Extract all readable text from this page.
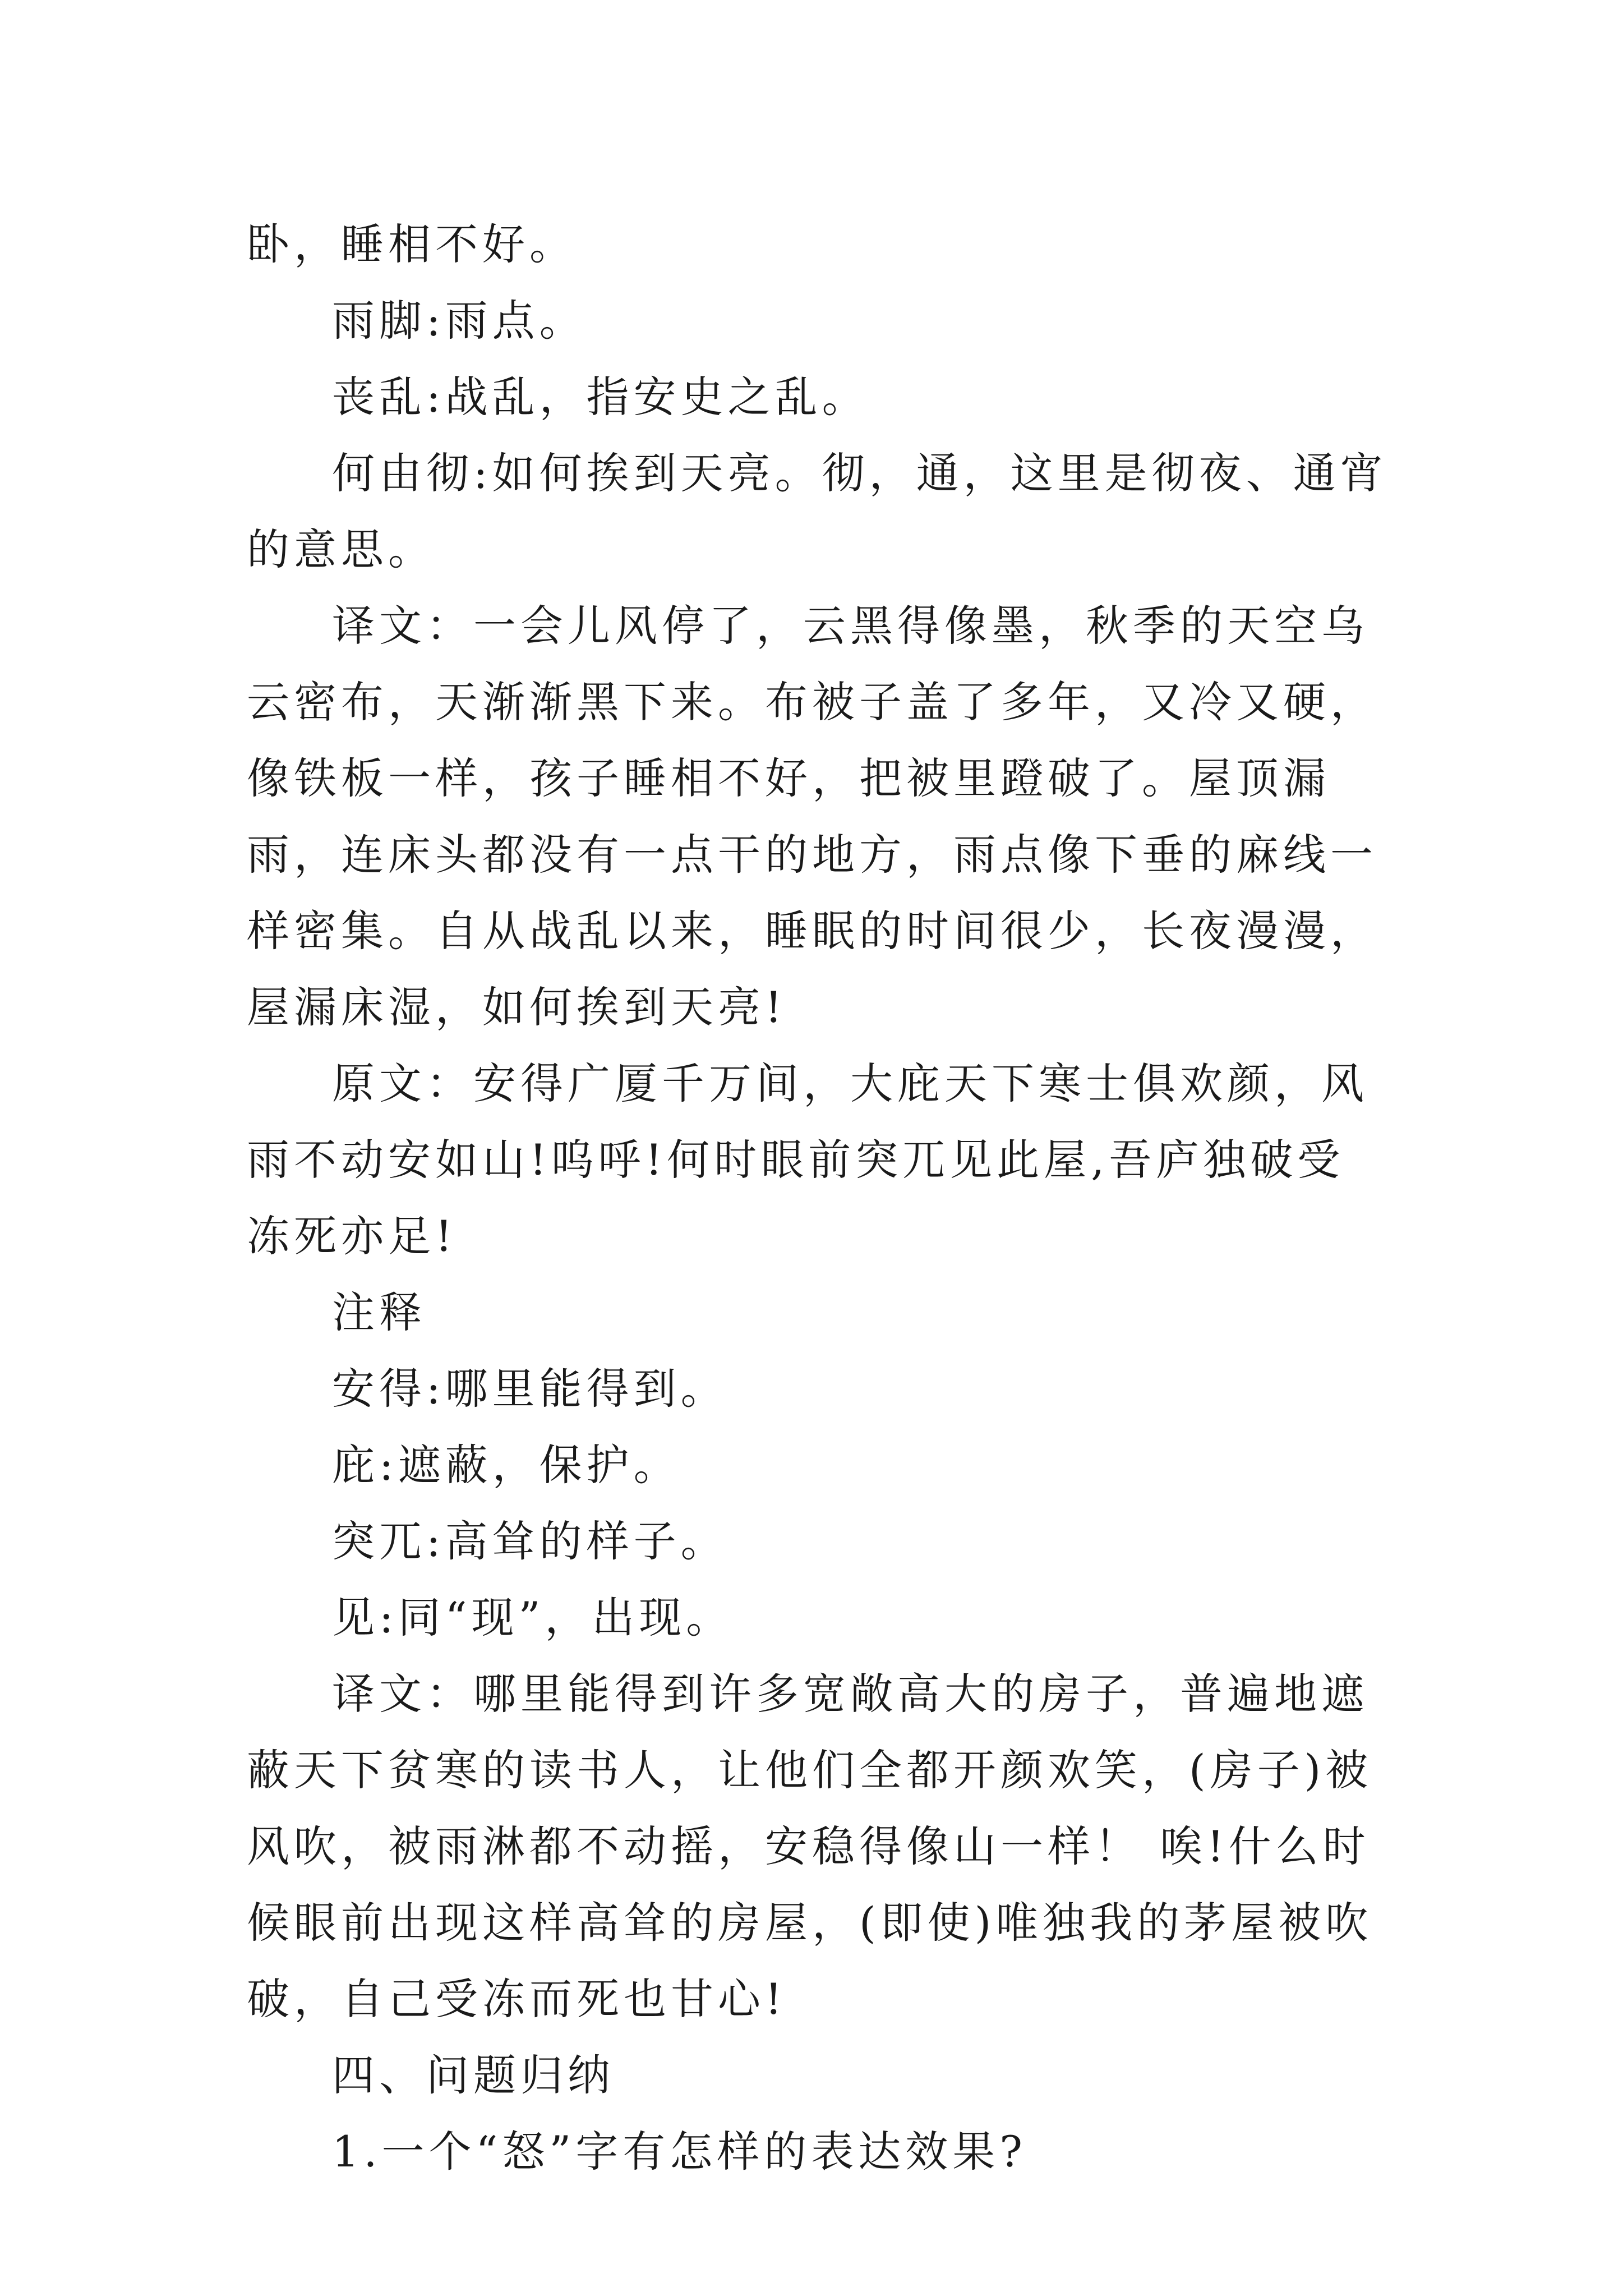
卧，睡相不好。

雨脚:雨点。

丧乱:战乱，指安史之乱。

何由彻:如何挨到天亮。彻，通，这里是彻夜、通宵的意思。

译文：一会儿风停了，云黑得像墨，秋季的天空乌云密布，天渐渐黑下来。布被子盖了多年，又冷又硬，像铁板一样，孩子睡相不好，把被里蹬破了。屋顶漏雨，连床头都没有一点干的地方，雨点像下垂的麻线一样密集。自从战乱以来，睡眠的时间很少，长夜漫漫，屋漏床湿，如何挨到天亮!

原文：安得广厦千万间，大庇天下寒士俱欢颜，风雨不动安如山!呜呼!何时眼前突兀见此屋,吾庐独破受冻死亦足!

注释

安得:哪里能得到。

庇:遮蔽，保护。

突兀:高耸的样子。

见:同“现”，出现。

译文：哪里能得到许多宽敞高大的房子，普遍地遮蔽天下贫寒的读书人，让他们全都开颜欢笑，(房子)被风吹，被雨淋都不动摇，安稳得像山一样！ 唉!什么时候眼前出现这样高耸的房屋，(即使)唯独我的茅屋被吹破，自己受冻而死也甘心!

四、问题归纳

1.一个“怒”字有怎样的表达效果?
